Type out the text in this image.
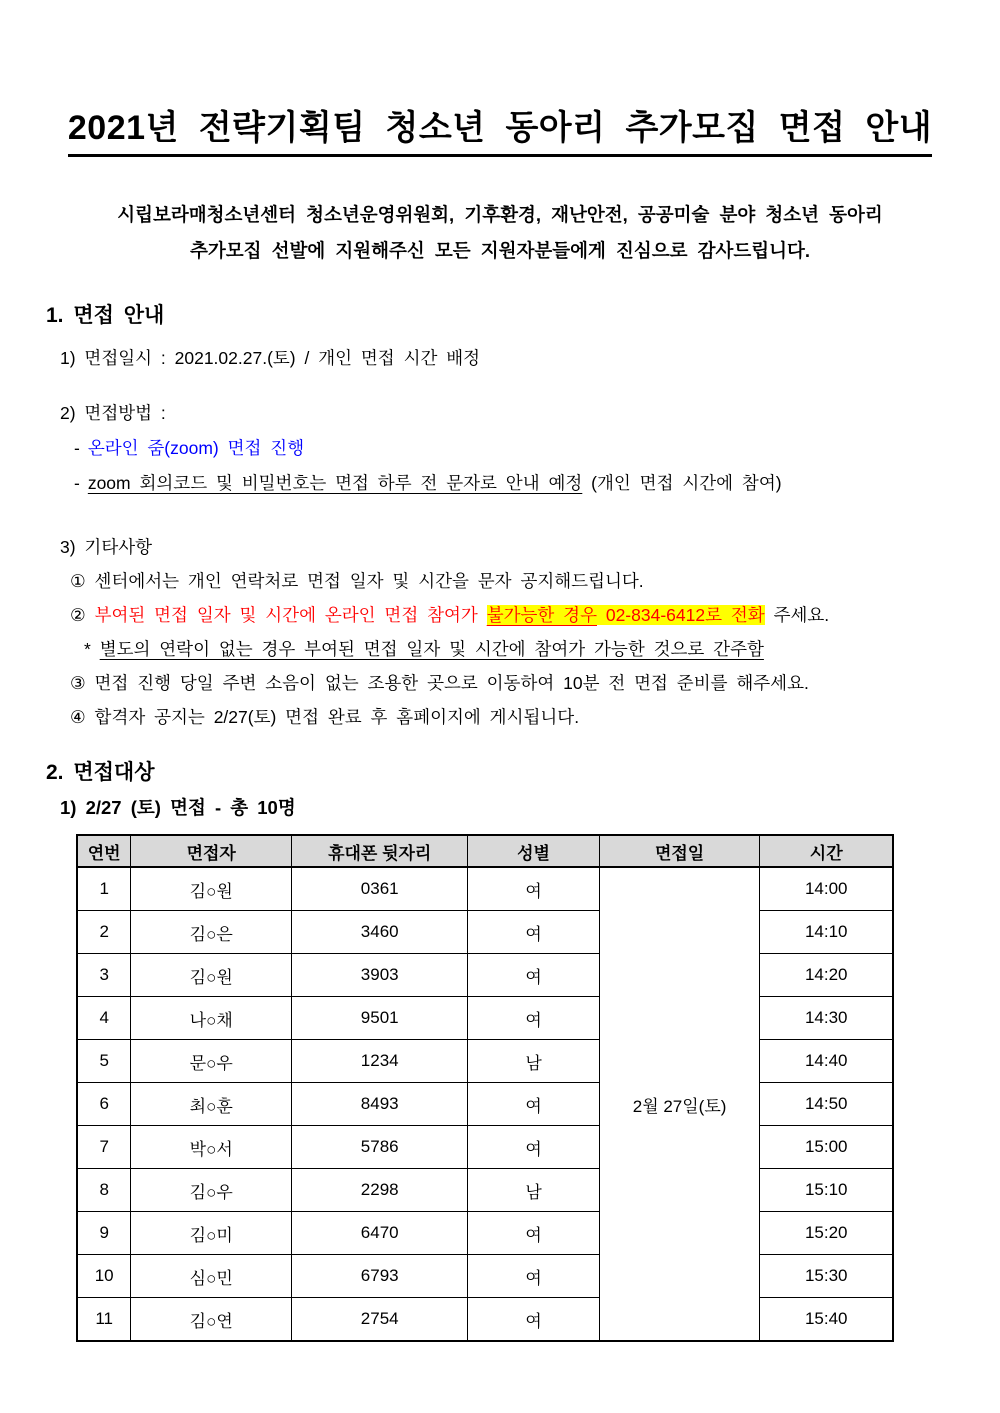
2021년 전략기획팀 청소년 동아리 추가모집 면접 안내
시립보라매청소년센터 청소년운영위원회, 기후환경, 재난안전, 공공미술 분야 청소년 동아리
추가모집 선발에 지원해주신 모든 지원자분들에게 진심으로 감사드립니다.
1. 면접 안내

1) 면접일시 : 2021.02.27.(토) / 개인 면접 시간 배정

2) 면접방법 :

- 온라인 줌(zoom) 면접 진행

- zoom 회의코드 및 비밀번호는 면접 하루 전 문자로 안내 예정 (개인 면접 시간에 참여)

3) 기타사항

① 센터에서는 개인 연락처로 면접 일자 및 시간을 문자 공지해드립니다.

② 부여된 면접 일자 및 시간에 온라인 면접 참여가 불가능한 경우 02-834-6412로 전화 주세요.

* 별도의 연락이 없는 경우 부여된 면접 일자 및 시간에 참여가 가능한 것으로 간주함

③ 면접 진행 당일 주변 소음이 없는 조용한 곳으로 이동하여 10분 전 면접 준비를 해주세요.

④ 합격자 공지는 2/27(토) 면접 완료 후 홈페이지에 게시됩니다.

2. 면접대상

1) 2/27 (토) 면접 - 총 10명

연번	면접자	휴대폰 뒷자리	성별	면접일	시간
1	김○원	0361	여	2월 27일(토)	14:00
2	김○은	3460	여		14:10
3	김○원	3903	여		14:20
4	나○채	9501	여		14:30
5	문○우	1234	남		14:40
6	최○훈	8493	여		14:50
7	박○서	5786	여		15:00
8	김○우	2298	남		15:10
9	김○미	6470	여		15:20
10	심○민	6793	여		15:30
11	김○연	2754	여		15:40
